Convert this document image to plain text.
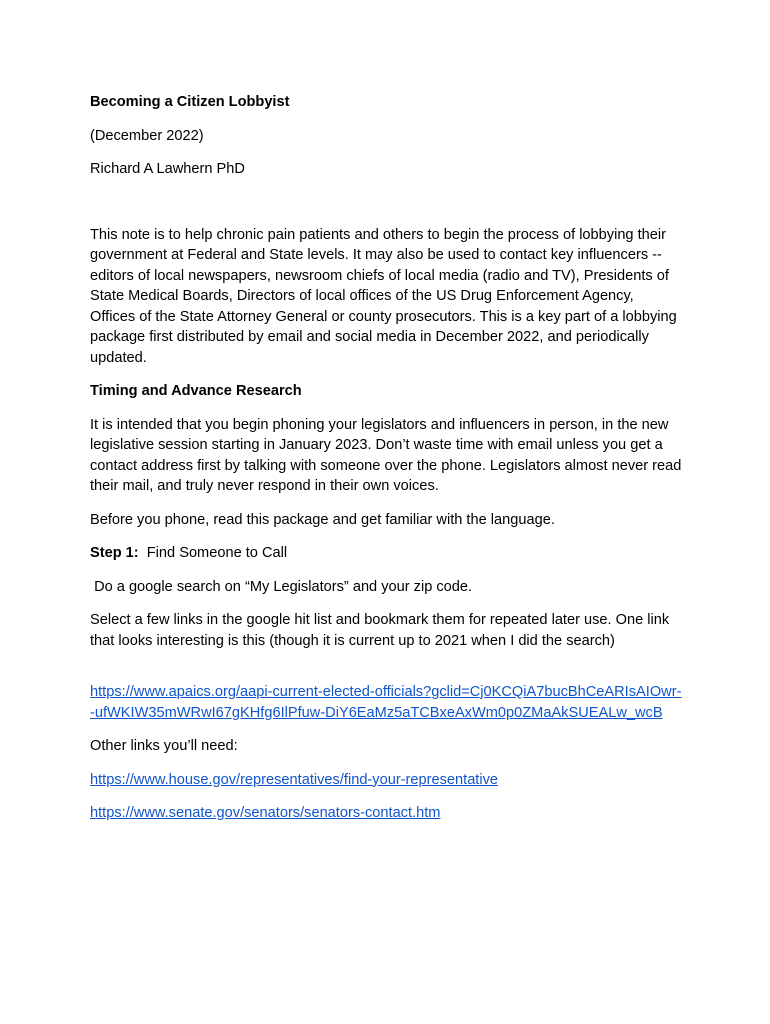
Becoming a Citizen Lobbyist

(December 2022)

Richard A Lawhern PhD

This note is to help chronic pain patients and others to begin the process of lobbying their government at Federal and State levels. It may also be used to contact key influencers -- editors of local newspapers, newsroom chiefs of local media (radio and TV), Presidents of State Medical Boards, Directors of local offices of the US Drug Enforcement Agency, Offices of the State Attorney General or county prosecutors. This is a key part of a lobbying package first distributed by email and social media in December 2022, and periodically updated.

Timing and Advance Research

It is intended that you begin phoning your legislators and influencers in person, in the new legislative session starting in January 2023. Don’t waste time with email unless you get a contact address first by talking with someone over the phone. Legislators almost never read their mail, and truly never respond in their own voices.

Before you phone, read this package and get familiar with the language.

Step 1:  Find Someone to Call

Do a google search on “My Legislators” and your zip code.

Select a few links in the google hit list and bookmark them for repeated later use. One link that looks interesting is this (though it is current up to 2021 when I did the search)

https://www.apaics.org/aapi-current-elected-officials?gclid=Cj0KCQiA7bucBhCeARIsAIOwr--ufWKIW35mWRwI67gKHfg6IlPfuw-DiY6EaMz5aTCBxeAxWm0p0ZMaAkSUEALw_wcB

Other links you’ll need:

https://www.house.gov/representatives/find-your-representative

https://www.senate.gov/senators/senators-contact.htm
